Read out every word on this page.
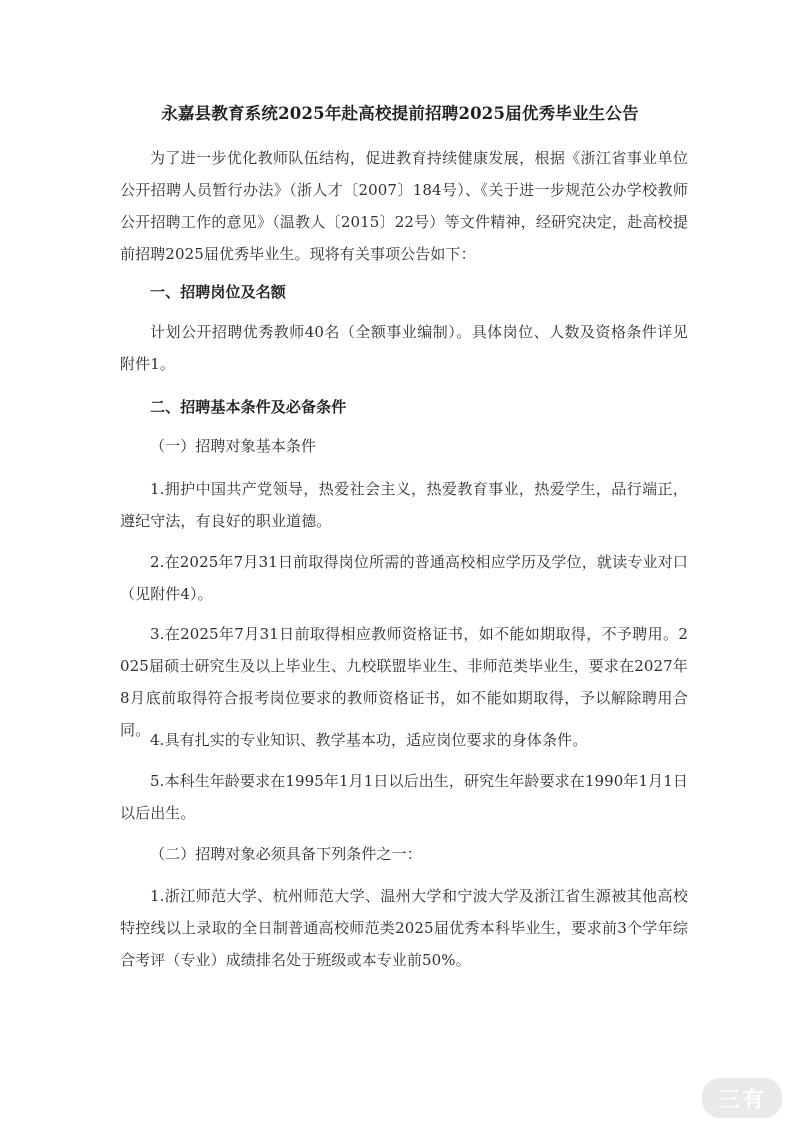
永嘉县教育系统2025年赴高校提前招聘2025届优秀毕业生公告
为了进一步优化教师队伍结构，促进教育持续健康发展，根据《浙江省事业单位公开招聘人员暂行办法》（浙人才〔2007〕184号）、《关于进一步规范公办学校教师公开招聘工作的意见》（温教人〔2015〕22号）等文件精神，经研究决定，赴高校提前招聘2025届优秀毕业生。现将有关事项公告如下：
一、招聘岗位及名额
计划公开招聘优秀教师40名（全额事业编制）。具体岗位、人数及资格条件详见附件1。
二、招聘基本条件及必备条件
（一）招聘对象基本条件
1.拥护中国共产党领导，热爱社会主义，热爱教育事业，热爱学生，品行端正，遵纪守法，有良好的职业道德。
2.在2025年7月31日前取得岗位所需的普通高校相应学历及学位，就读专业对口（见附件4）。
3.在2025年7月31日前取得相应教师资格证书，如不能如期取得，不予聘用。2025届硕士研究生及以上毕业生、九校联盟毕业生、非师范类毕业生，要求在2027年8月底前取得符合报考岗位要求的教师资格证书，如不能如期取得，予以解除聘用合同。
4.具有扎实的专业知识、教学基本功，适应岗位要求的身体条件。
5.本科生年龄要求在1995年1月1日以后出生，研究生年龄要求在1990年1月1日以后出生。
（二）招聘对象必须具备下列条件之一：
1.浙江师范大学、杭州师范大学、温州大学和宁波大学及浙江省生源被其他高校特控线以上录取的全日制普通高校师范类2025届优秀本科毕业生，要求前3个学年综合考评（专业）成绩排名处于班级或本专业前50%。
三有
